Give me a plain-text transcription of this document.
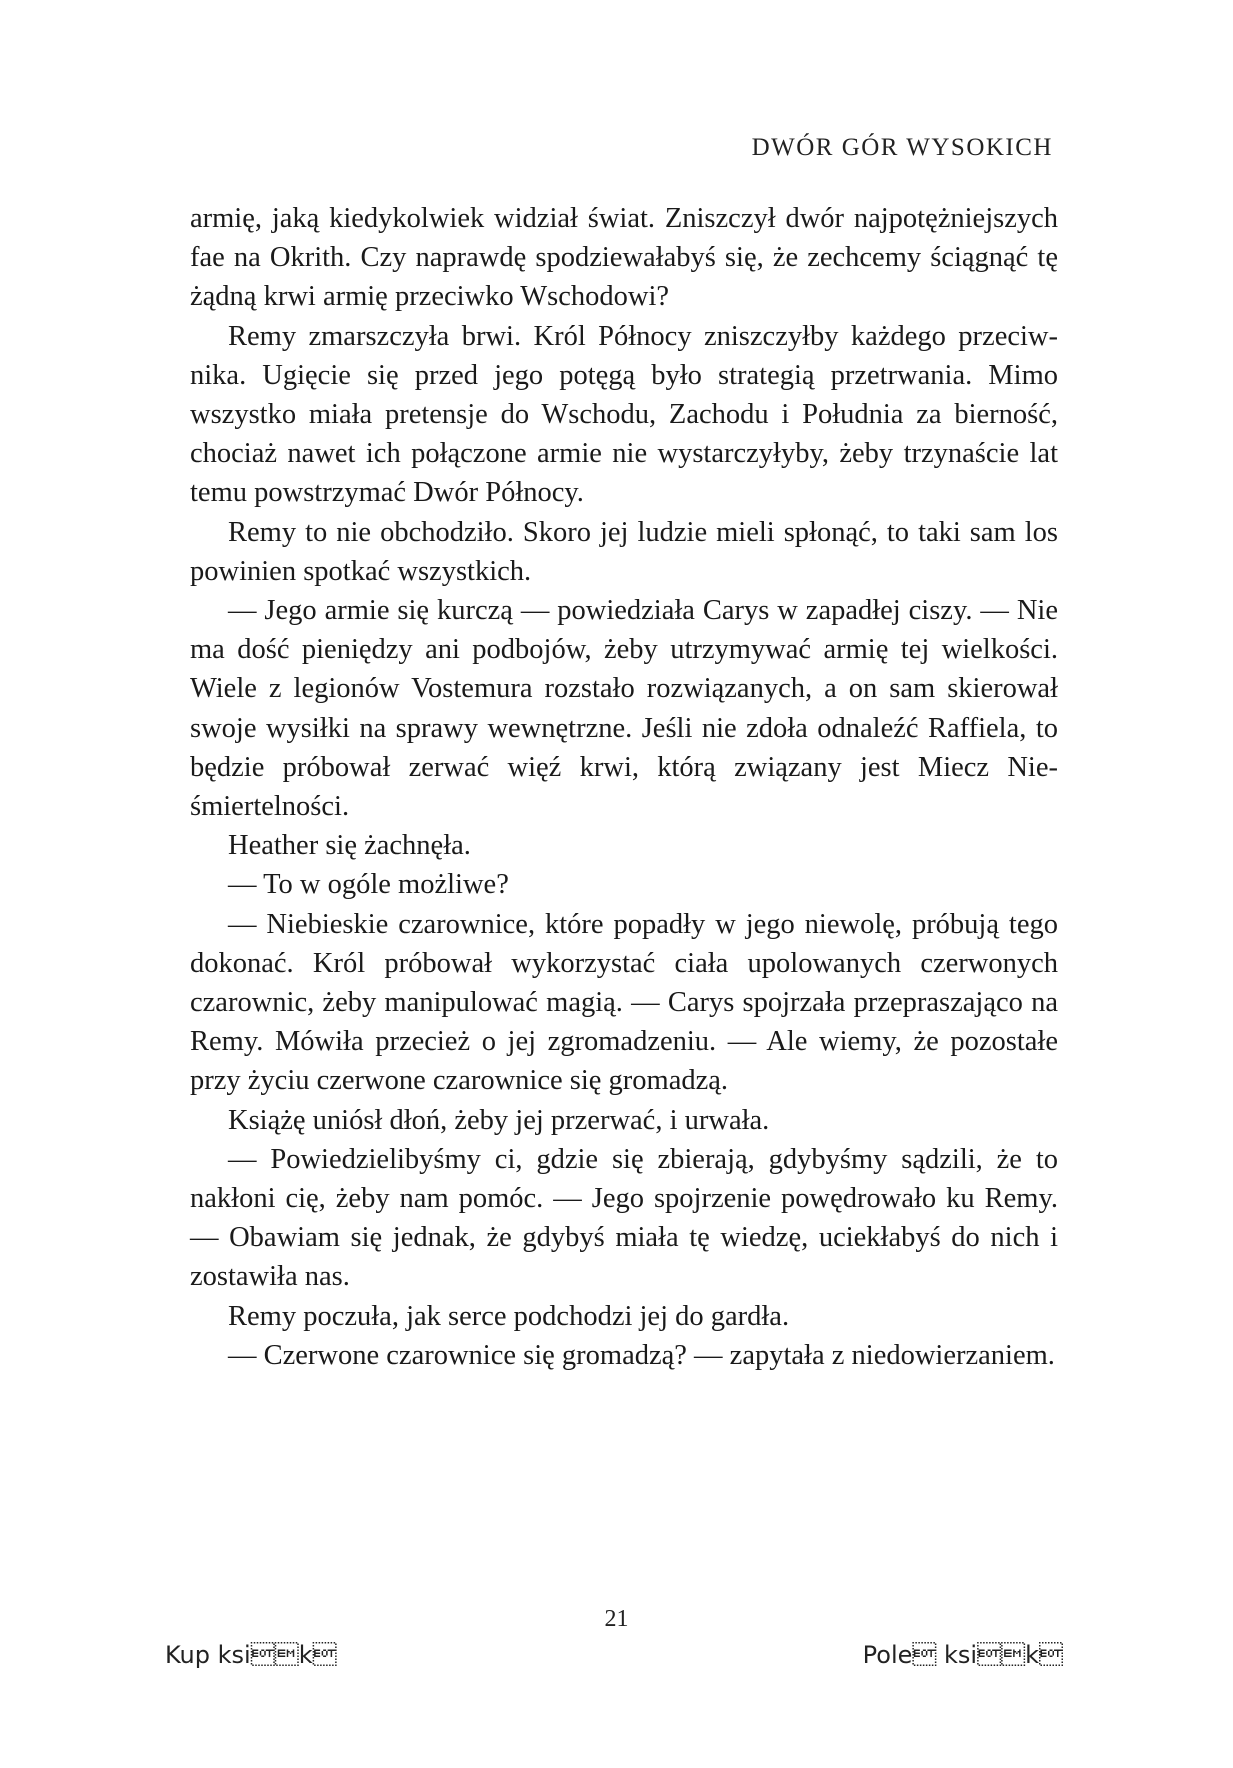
DWÓR GÓR WYSOKICH

armię, jaką kiedykolwiek widział świat. Zniszczył dwór najpotężniejszych fae na Okrith. Czy naprawdę spodziewałabyś się, że zechcemy ściągnąć tę żądną krwi armię przeciwko Wschodowi?

Remy zmarszczyła brwi. Król Północy zniszczyłby każdego przeciwnika. Ugięcie się przed jego potęgą było strategią przetrwania. Mimo wszystko miała pretensje do Wschodu, Zachodu i Południa za bierność, chociaż nawet ich połączone armie nie wystarczyłyby, żeby trzynaście lat temu powstrzymać Dwór Północy.

Remy to nie obchodziło. Skoro jej ludzie mieli spłonąć, to taki sam los powinien spotkać wszystkich.

— Jego armie się kurczą — powiedziała Carys w zapadłej ciszy. — Nie ma dość pieniędzy ani podbojów, żeby utrzymywać armię tej wielkości. Wiele z legionów Vostemura rozstało rozwiązanych, a on sam skierował swoje wysiłki na sprawy wewnętrzne. Jeśli nie zdoła odnaleźć Raffiela, to będzie próbował zerwać więź krwi, którą związany jest Miecz Nieśmiertelności.

Heather się żachnęła.

— To w ogóle możliwe?

— Niebieskie czarownice, które popadły w jego niewolę, próbują tego dokonać. Król próbował wykorzystać ciała upolowanych czerwonych czarownic, żeby manipulować magią. — Carys spojrzała przepraszająco na Remy. Mówiła przecież o jej zgromadzeniu. — Ale wiemy, że pozostałe przy życiu czerwone czarownice się gromadzą.

Książę uniósł dłoń, żeby jej przerwać, i urwała.

— Powiedzielibyśmy ci, gdzie się zbierają, gdybyśmy sądzili, że to nakłoni cię, żeby nam pomóc. — Jego spojrzenie powędrowało ku Remy. — Obawiam się jednak, że gdybyś miała tę wiedzę, uciekłabyś do nich i zostawiła nas.

Remy poczuła, jak serce podchodzi jej do gardła.

— Czerwone czarownice się gromadzą? — zapytała z niedowierzaniem.

21
Kup ksik	Pole ksik
